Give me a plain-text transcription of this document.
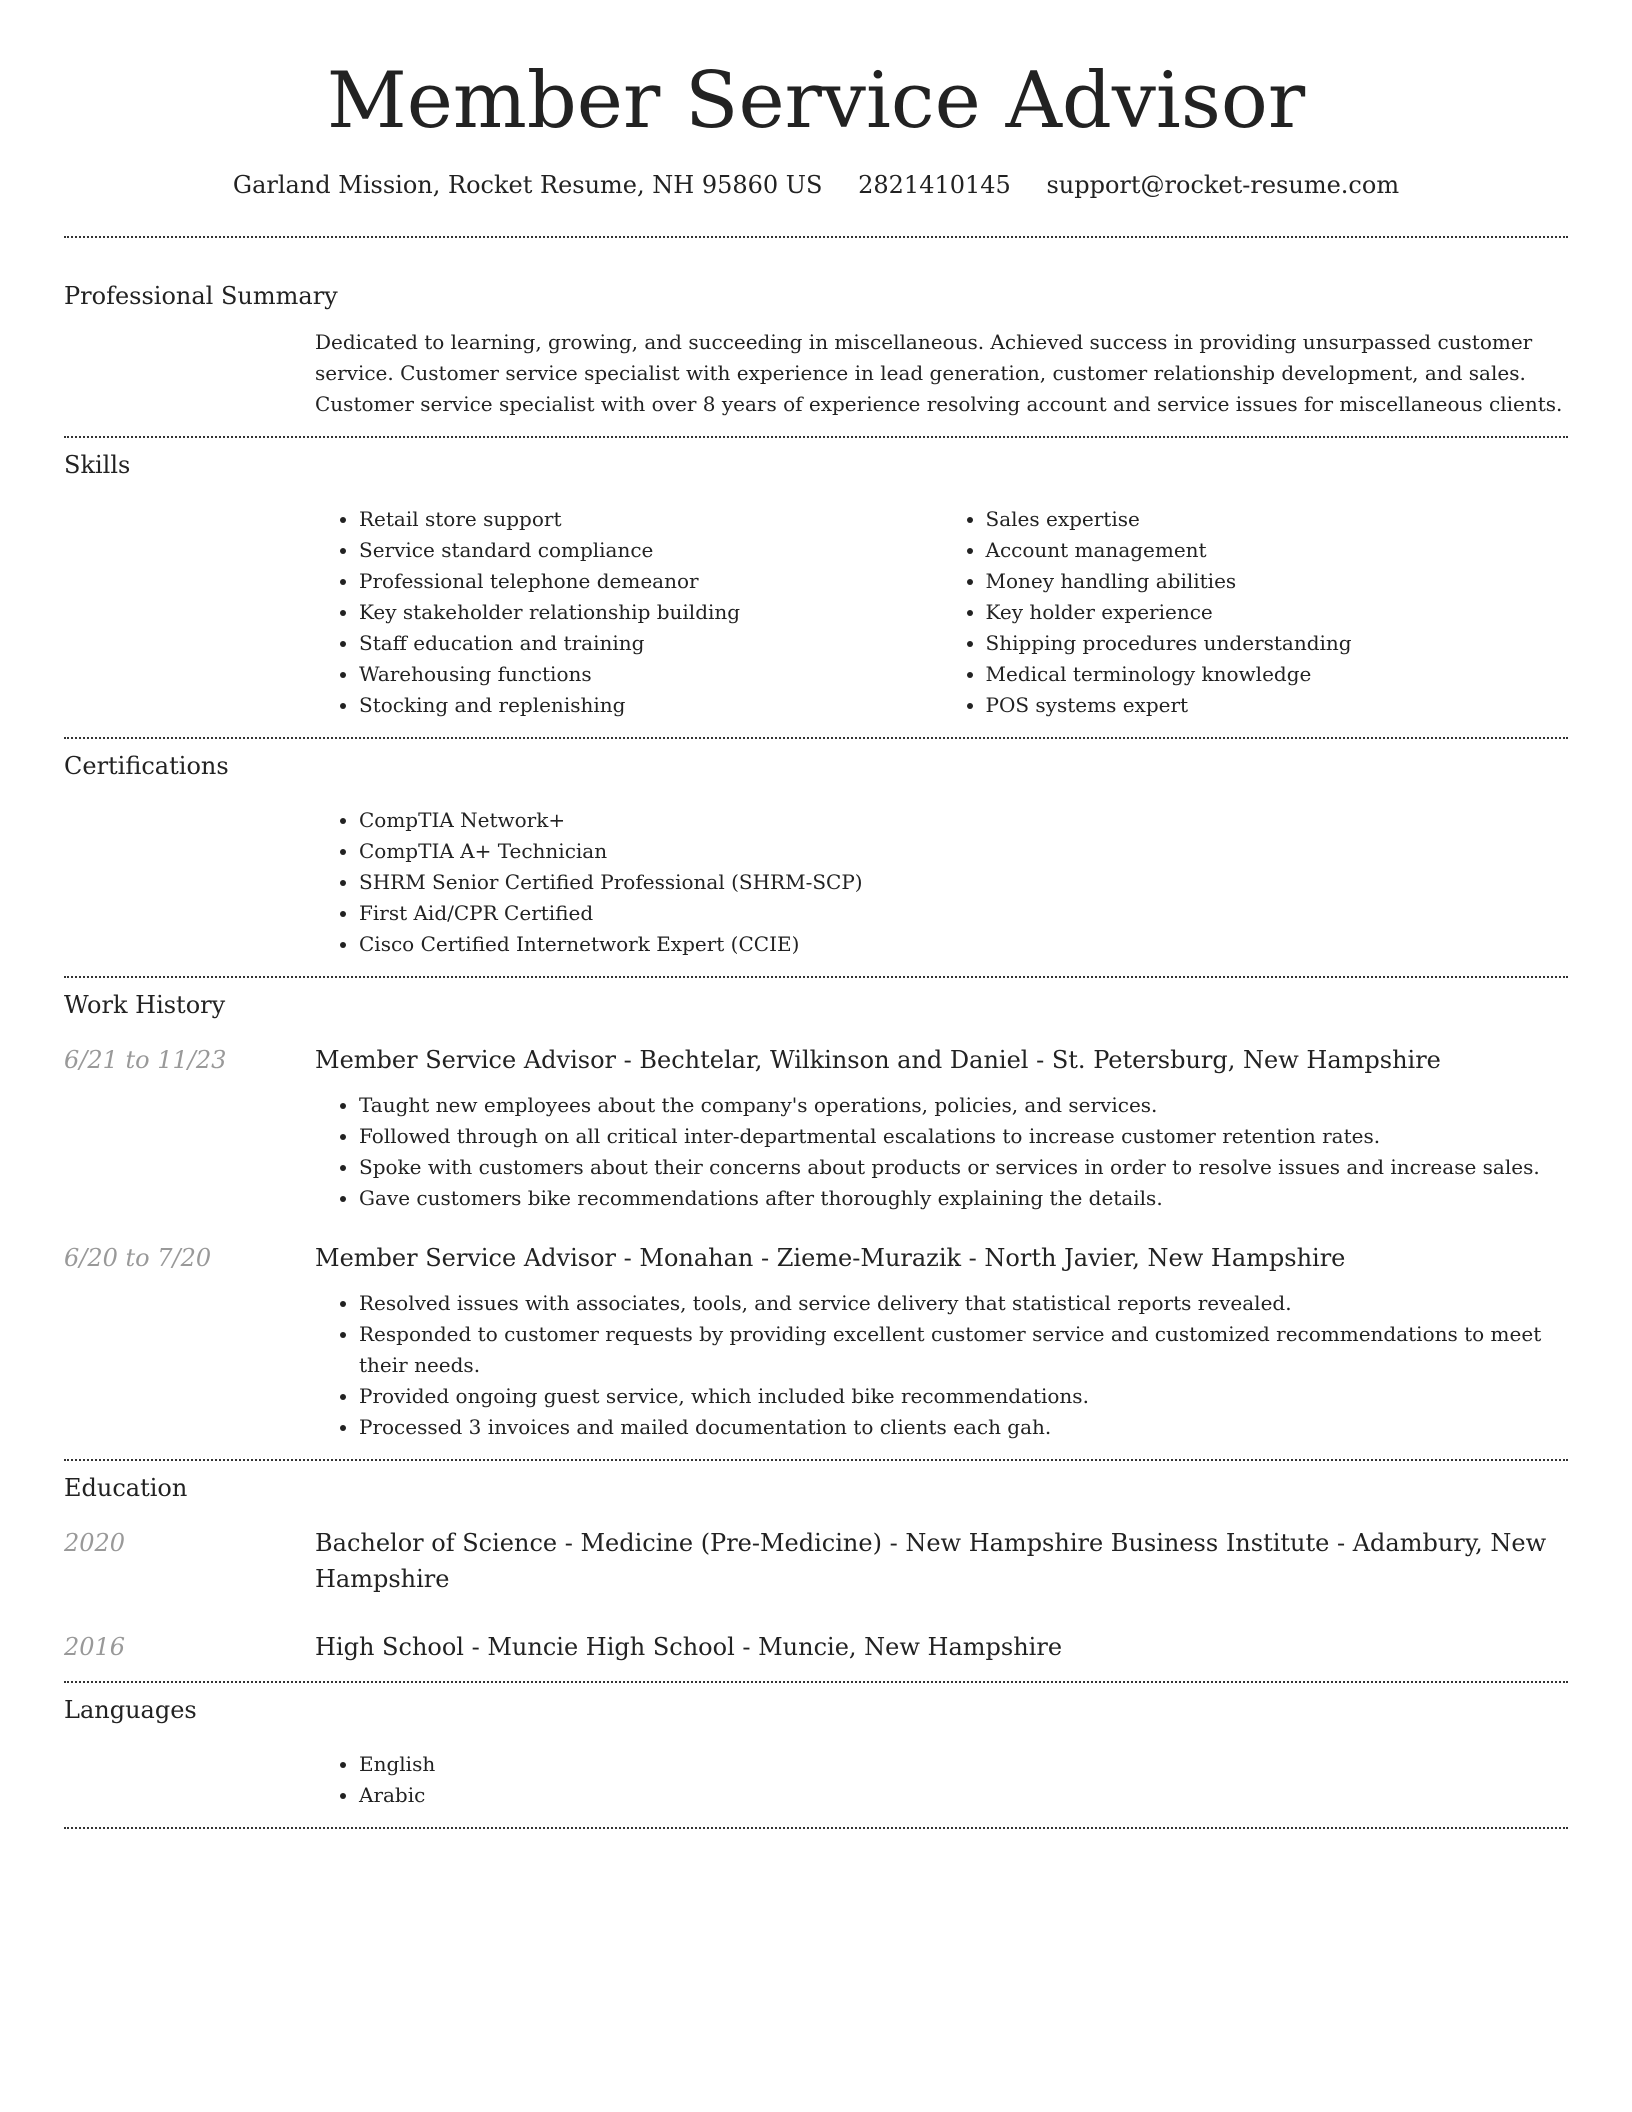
Member Service Advisor
Garland Mission, Rocket Resume, NH 95860 US 2821410145 support@rocket-resume.com
Professional Summary
Dedicated to learning, growing, and succeeding in miscellaneous. Achieved success in providing unsurpassed customer service. Customer service specialist with experience in lead generation, customer relationship development, and sales. Customer service specialist with over 8 years of experience resolving account and service issues for miscellaneous clients.
Skills
• Retail store support
• Service standard compliance
• Professional telephone demeanor
• Key stakeholder relationship building
• Staff education and training
• Warehousing functions
• Stocking and replenishing
• Sales expertise
• Account management
• Money handling abilities
• Key holder experience
• Shipping procedures understanding
• Medical terminology knowledge
• POS systems expert
Certifications
• CompTIA Network+
• CompTIA A+ Technician
• SHRM Senior Certified Professional (SHRM-SCP)
• First Aid/CPR Certified
• Cisco Certified Internetwork Expert (CCIE)
Work History
6/21 to 11/23	Member Service Advisor - Bechtelar, Wilkinson and Daniel - St. Petersburg, New Hampshire
• Taught new employees about the company's operations, policies, and services.
• Followed through on all critical inter-departmental escalations to increase customer retention rates.
• Spoke with customers about their concerns about products or services in order to resolve issues and increase sales.
• Gave customers bike recommendations after thoroughly explaining the details.
6/20 to 7/20	Member Service Advisor - Monahan - Zieme-Murazik - North Javier, New Hampshire
• Resolved issues with associates, tools, and service delivery that statistical reports revealed.
• Responded to customer requests by providing excellent customer service and customized recommendations to meet their needs.
• Provided ongoing guest service, which included bike recommendations.
• Processed 3 invoices and mailed documentation to clients each gah.
Education
2020	Bachelor of Science - Medicine (Pre-Medicine) - New Hampshire Business Institute - Adambury, New Hampshire
2016	High School - Muncie High School - Muncie, New Hampshire
Languages
• English
• Arabic
